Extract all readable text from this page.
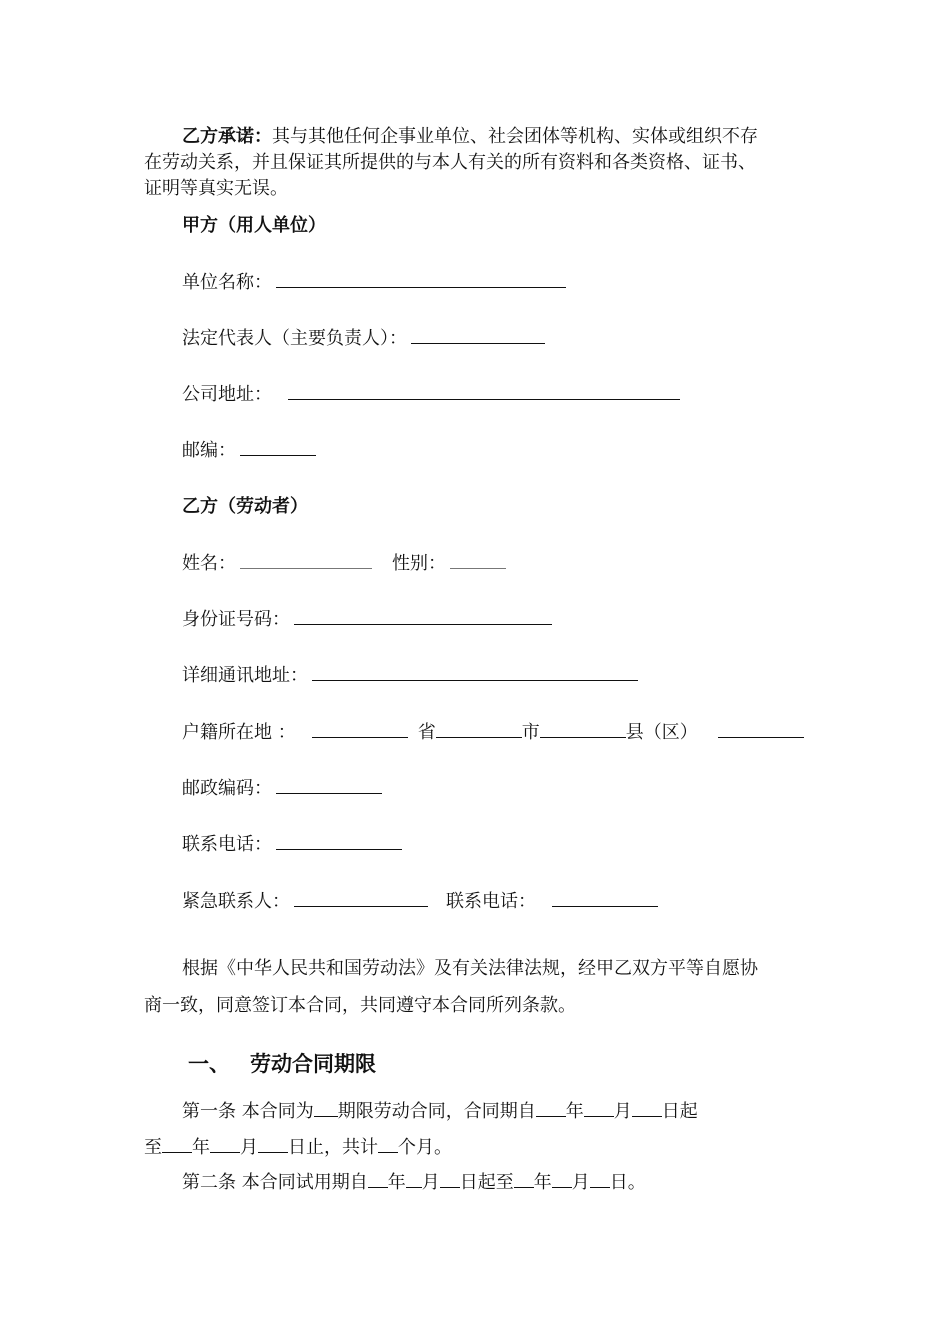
乙方承诺：其与其他任何企事业单位、社会团体等机构、实体或组织不存
在劳动关系，并且保证其所提供的与本人有关的所有资料和各类资格、证书、
证明等真实无误。
甲方（用人单位）
单位名称：
法定代表人（主要负责人）：
公司地址：
邮编：
乙方（劳动者）
姓名：	性别：
身份证号码：
详细通讯地址：
户籍所在地 ：	省	市	县（区）
邮政编码：
联系电话：
紧急联系人：	联系电话：
根据《中华人民共和国劳动法》及有关法律法规，经甲乙双方平等自愿协
商一致，同意签订本合同，共同遵守本合同所列条款。
一、 劳动合同期限
第一条 本合同为 期限劳动合同，合同期自 年 月 日起
至 年 月 日止，共计 个月。
第二条 本合同试用期自 年 月 日起至 年 月 日。
